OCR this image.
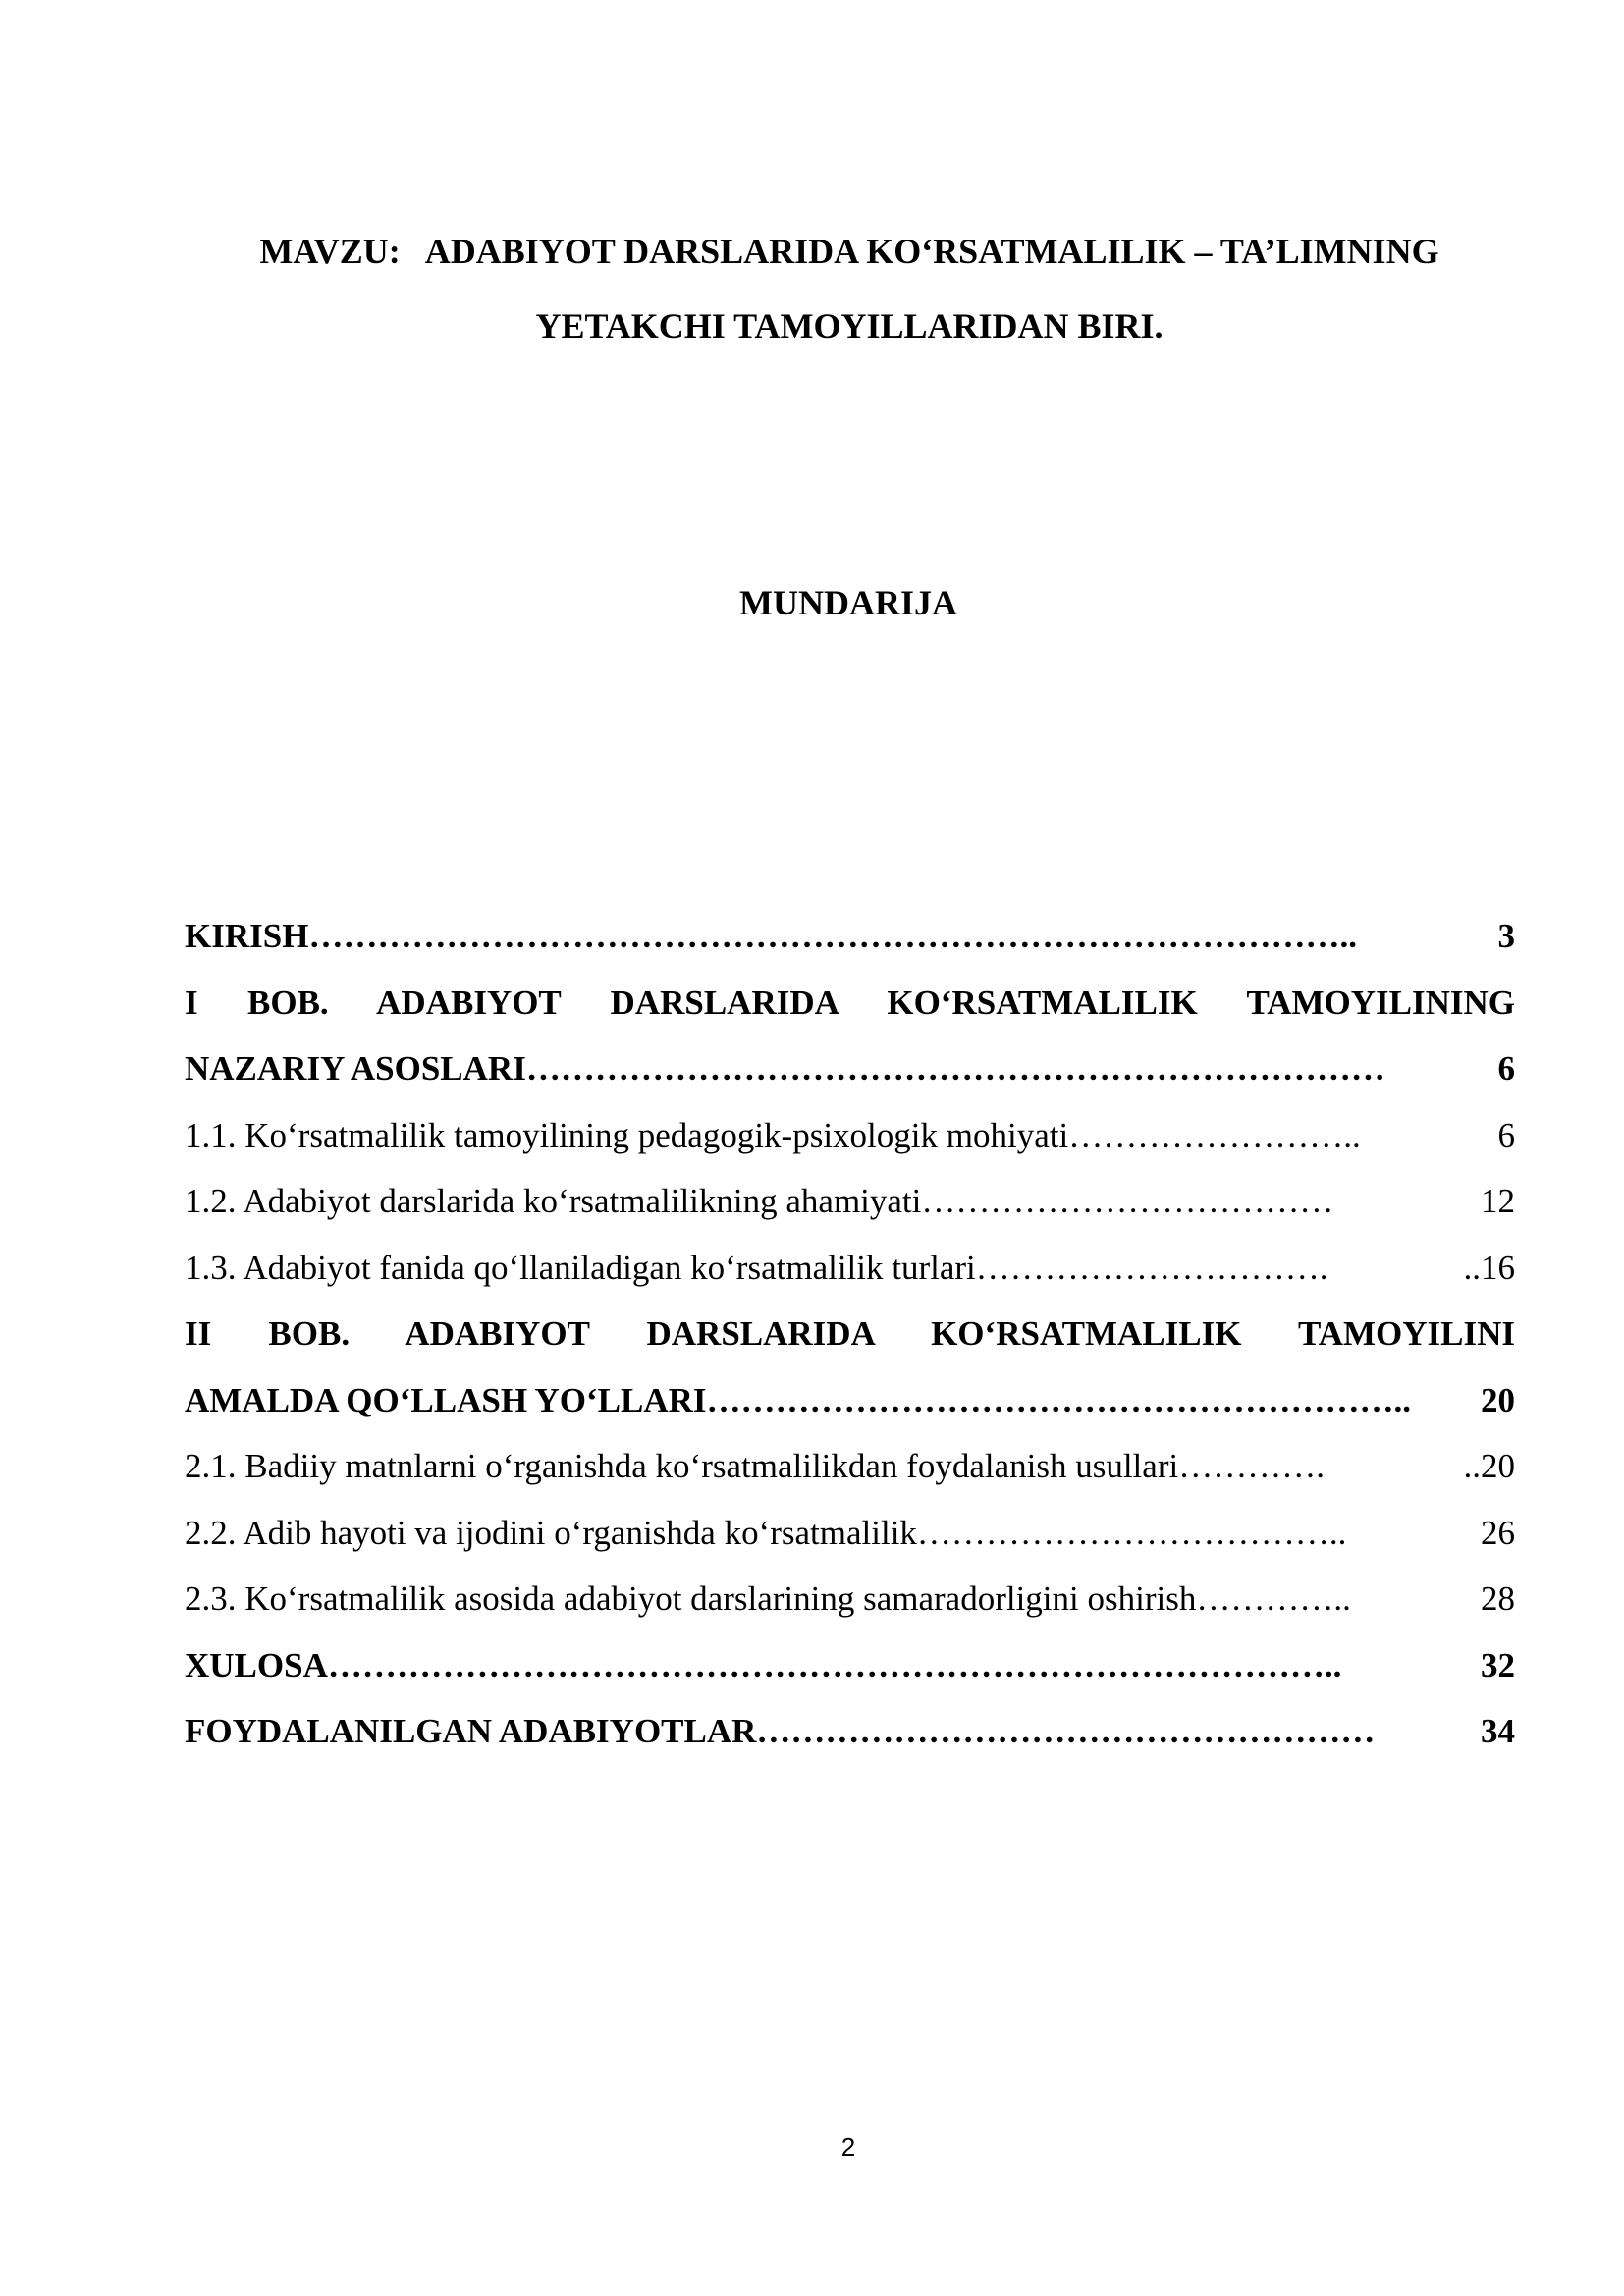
MAVZU:   ADABIYOT DARSLARIDA KO‘RSATMALILIK – TA’LIMNING
YETAKCHI TAMOYILLARIDAN BIRI.
MUNDARIJA
KIRISH ………………………………………………………………………………..	3
I BOB. ADABIYOT DARSLARIDA KO‘RSATMALILIK TAMOYILINING
NAZARIY ASOSLARI …………………………………………………………………	6
1.1. Ko‘rsatmalilik tamoyilining pedagogik-psixologik mohiyati ……………………..	6
1.2. Adabiyot darslarida ko‘rsatmalilikning ahamiyati ………………………………	12
1.3. Adabiyot fanida qo‘llaniladigan ko‘rsatmalilik turlari ………………………….	..16
II BOB. ADABIYOT DARSLARIDA KO‘RSATMALILIK TAMOYILINI
AMALDA QO‘LLASH YO‘LLARI ……………………………………………………..	20
2.1. Badiiy matnlarni o‘rganishda ko‘rsatmalilikdan foydalanish usullari ………….	..20
2.2. Adib hayoti va ijodini o‘rganishda ko‘rsatmalilik ………………………………..	26
2.3. Ko‘rsatmalilik asosida adabiyot darslarining samaradorligini oshirish …………..	28
XULOSA ……………………………………………………………………………..	32
FOYDALANILGAN ADABIYOTLAR ………………………………………………	34
2
